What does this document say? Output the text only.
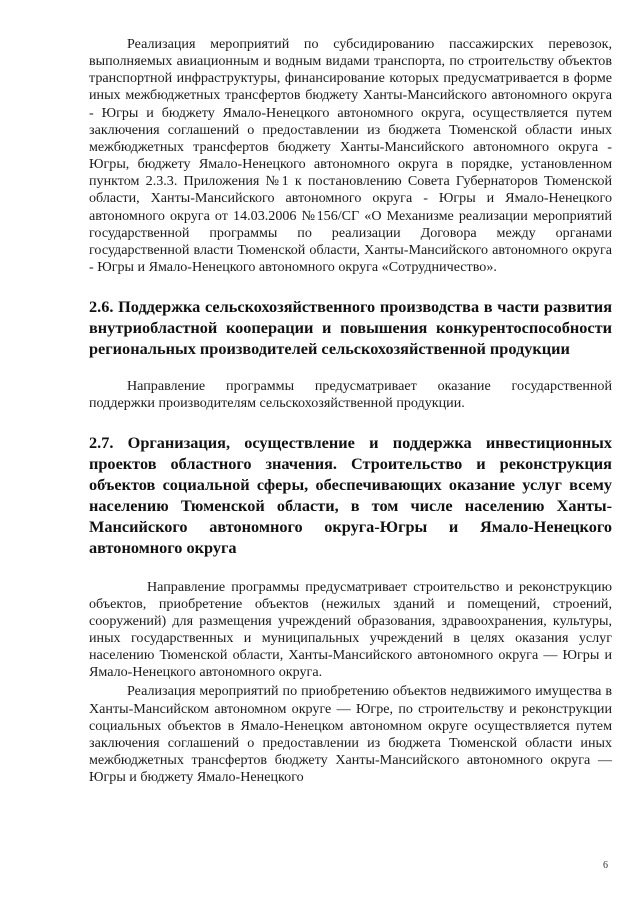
Реализация мероприятий по субсидированию пассажирских перевозок, выполняемых авиационным и водным видами транспорта, по строительству объектов транспортной инфраструктуры, финансирование которых предусматривается в форме иных межбюджетных трансфертов бюджету Ханты-Мансийского автономного округа - Югры и бюджету Ямало-Ненецкого автономного округа, осуществляется путем заключения соглашений о предоставлении из бюджета Тюменской области иных межбюджетных трансфертов бюджету Ханты-Мансийского автономного округа - Югры, бюджету Ямало-Ненецкого автономного округа в порядке, установленном пунктом 2.3.3. Приложения №1 к постановлению Совета Губернаторов Тюменской области, Ханты-Мансийского автономного округа - Югры и Ямало-Ненецкого автономного округа от 14.03.2006 №156/СГ «О Механизме реализации мероприятий государственной программы по реализации Договора между органами государственной власти Тюменской области, Ханты-Мансийского автономного округа - Югры и Ямало-Ненецкого автономного округа «Сотрудничество».

2.6. Поддержка сельскохозяйственного производства в части развития внутриобластной кооперации и повышения конкурентоспособности региональных производителей сельскохозяйственной продукции

Направление программы предусматривает оказание государственной поддержки производителям сельскохозяйственной продукции.

2.7. Организация, осуществление и поддержка инвестиционных проектов областного значения. Строительство и реконструкция объектов социальной сферы, обеспечивающих оказание услуг всему населению Тюменской области, в том числе населению Ханты-Мансийского автономного округа-Югры и Ямало-Ненецкого автономного округа

Направление программы предусматривает строительство и реконструкцию объектов, приобретение объектов (нежилых зданий и помещений, строений, сооружений) для размещения учреждений образования, здравоохранения, культуры, иных государственных и муниципальных учреждений в целях оказания услуг населению Тюменской области, Ханты-Мансийского автономного округа — Югры и Ямало-Ненецкого автономного округа.

Реализация мероприятий по приобретению объектов недвижимого имущества в Ханты-Мансийском автономном округе — Югре, по строительству и реконструкции социальных объектов в Ямало-Ненецком автономном округе осуществляется путем заключения соглашений о предоставлении из бюджета Тюменской области иных межбюджетных трансфертов бюджету Ханты-Мансийского автономного округа — Югры и бюджету Ямало-Ненецкого

6
